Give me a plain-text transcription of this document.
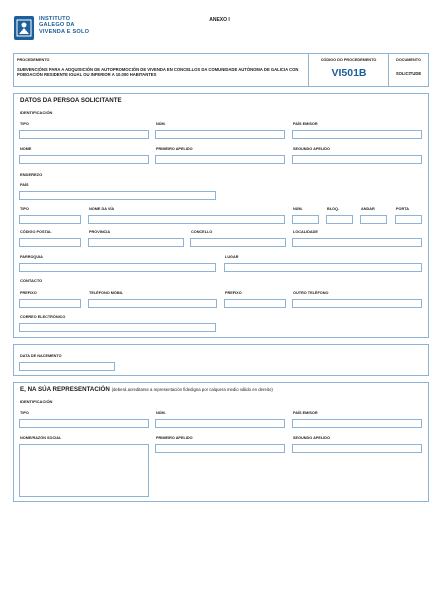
INSTITUTO
GALEGO DA
VIVENDA E SOLO
ANEXO I
PROCEDEMENTO
SUBVENCIÓNS PARA A ADQUISICIÓN DE AUTOPROMOCIÓN DE VIVENDA EN CONCELLOS DA COMUNIDADE AUTÓNOMA DE GALICIA CON POBOACIÓN RESIDENTE IGUAL OU INFERIOR A 10.000 HABITANTES
CÓDIGO DO PROCEDEMENTO
VI501B
DOCUMENTO
SOLICITUDE
DATOS DA PERSOA SOLICITANTE
IDENTIFICACIÓN
TIPO	NÚM.	PAÍS EMISOR
NOME	PRIMEIRO APELIDO	SEGUNDO APELIDO
ENDEREZO
PAÍS
TIPO	NOME DA VÍA	NÚM.	BLOQ.	ANDAR	PORTA
CÓDIGO POSTAL	PROVINCIA	CONCELLO	LOCALIDADE
PARROQUIA	LUGAR
CONTACTO
PREFIXO	TELÉFONO MÓBIL	PREFIXO	OUTRO TELÉFONO
CORREO ELECTRÓNICO
DATA DE NACEMENTO
E, NA SÚA REPRESENTACIÓN (deberá acreditarse a representación fidedigna por calquera medio válido en dereito)
IDENTIFICACIÓN
TIPO	NÚM.	PAÍS EMISOR
NOME/RAZÓN SOCIAL	PRIMEIRO APELIDO	SEGUNDO APELIDO
